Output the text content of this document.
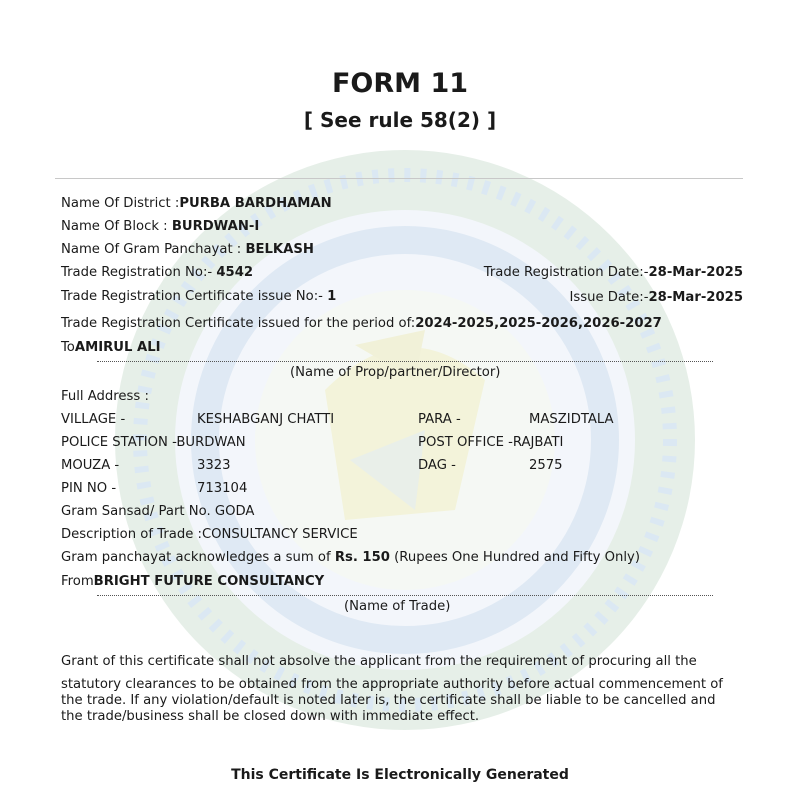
FORM 11
[ See rule 58(2) ]
Name Of District :PURBA BARDHAMAN
Name Of Block : BURDWAN-I
Name Of Gram Panchayat : BELKASH
Trade Registration No:- 4542	Trade Registration Date:-28-Mar-2025
Trade Registration Certificate issue No:- 1	Issue Date:-28-Mar-2025
Trade Registration Certificate issued for the period of:2024-2025,2025-2026,2026-2027
ToAMIRUL ALI
(Name of Prop/partner/Director)
Full Address :
VILLAGE -	KESHABGANJ CHATTI	PARA -	MASZIDTALA
POLICE STATION -BURDWAN	POST OFFICE -RAJBATI
MOUZA -	3323	DAG -	2575
PIN NO -	713104
Gram Sansad/ Part No. GODA
Description of Trade :CONSULTANCY SERVICE
Gram panchayat acknowledges a sum of Rs. 150 (Rupees One Hundred and Fifty Only)
FromBRIGHT FUTURE CONSULTANCY
(Name of Trade)
Grant of this certificate shall not absolve the applicant from the requirement of procuring all the
statutory clearances to be obtained from the appropriate authority before actual commencement of the trade. If any violation/default is noted later is, the certificate shall be liable to be cancelled and the trade/business shall be closed down with immediate effect.
This Certificate Is Electronically Generated
